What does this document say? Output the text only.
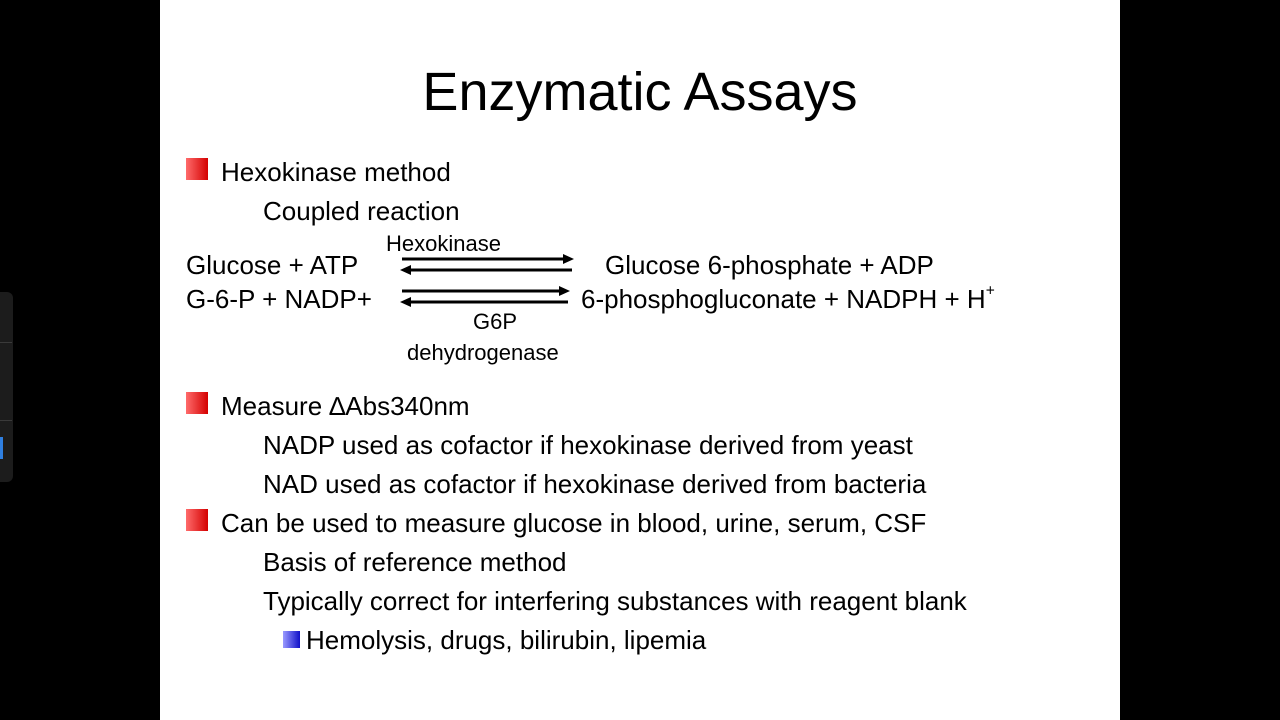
Enzymatic Assays
Hexokinase method
Coupled reaction
Glucose + ATP
Hexokinase
Glucose 6-phosphate + ADP
G-6-P + NADP+	6-phosphogluconate + NADPH + H+
G6P
dehydrogenase
Measure ∆Abs340nm
NADP used as cofactor if hexokinase derived from yeast
NAD used as cofactor if hexokinase derived from bacteria
Can be used to measure glucose in blood, urine, serum, CSF
Basis of reference method
Typically correct for interfering substances with reagent blank
Hemolysis, drugs, bilirubin, lipemia
